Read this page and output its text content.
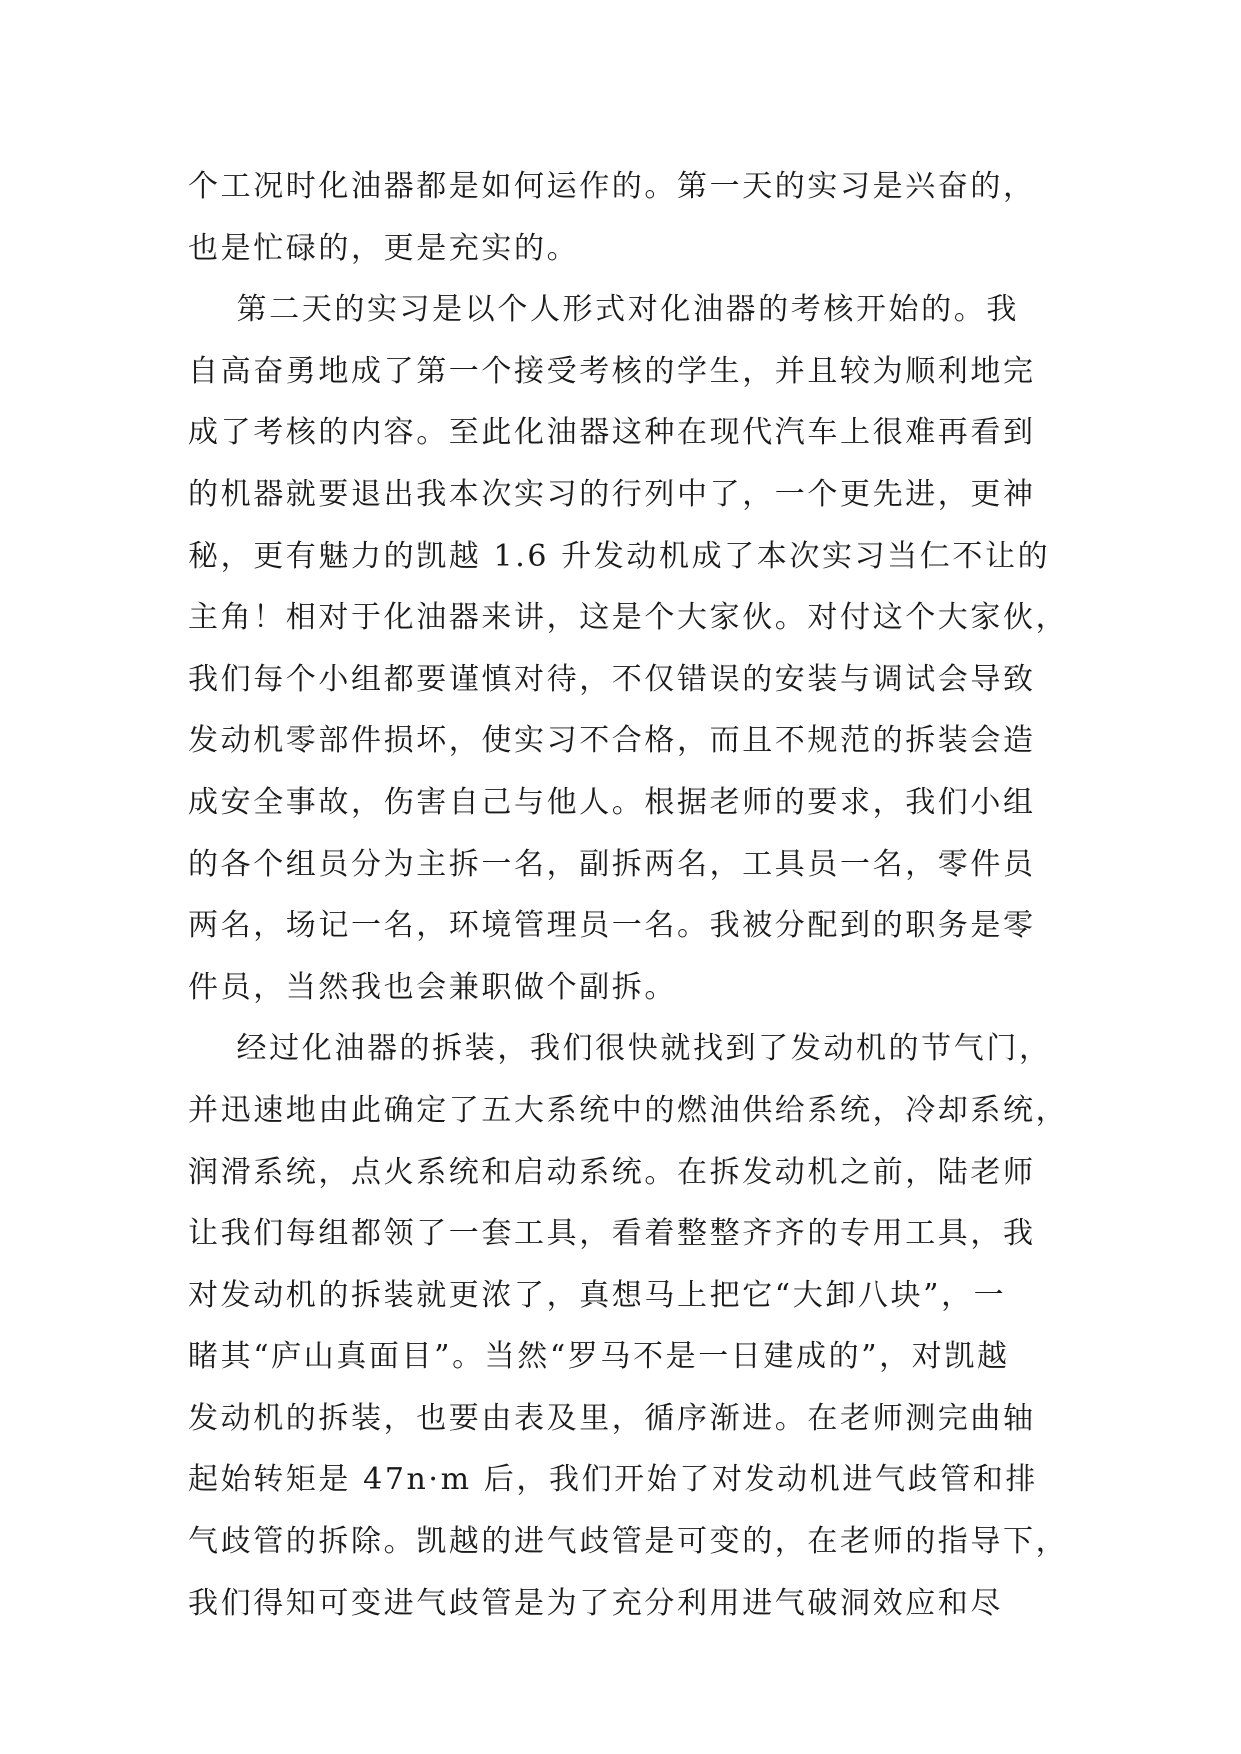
个工况时化油器都是如何运作的。第一天的实习是兴奋的，
也是忙碌的，更是充实的。
第二天的实习是以个人形式对化油器的考核开始的。我
自高奋勇地成了第一个接受考核的学生，并且较为顺利地完
成了考核的内容。至此化油器这种在现代汽车上很难再看到
的机器就要退出我本次实习的行列中了，一个更先进，更神
秘，更有魅力的凯越 1.6 升发动机成了本次实习当仁不让的
主角！相对于化油器来讲，这是个大家伙。对付这个大家伙，
我们每个小组都要谨慎对待，不仅错误的安装与调试会导致
发动机零部件损坏，使实习不合格，而且不规范的拆装会造
成安全事故，伤害自己与他人。根据老师的要求，我们小组
的各个组员分为主拆一名，副拆两名，工具员一名，零件员
两名，场记一名，环境管理员一名。我被分配到的职务是零
件员，当然我也会兼职做个副拆。
经过化油器的拆装，我们很快就找到了发动机的节气门，
并迅速地由此确定了五大系统中的燃油供给系统，冷却系统，
润滑系统，点火系统和启动系统。在拆发动机之前，陆老师
让我们每组都领了一套工具，看着整整齐齐的专用工具，我
对发动机的拆装就更浓了，真想马上把它“大卸八块”，一
睹其“庐山真面目”。当然“罗马不是一日建成的”，对凯越
发动机的拆装，也要由表及里，循序渐进。在老师测完曲轴
起始转矩是 47n·m 后，我们开始了对发动机进气歧管和排
气歧管的拆除。凯越的进气歧管是可变的，在老师的指导下，
我们得知可变进气歧管是为了充分利用进气破洞效应和尽
